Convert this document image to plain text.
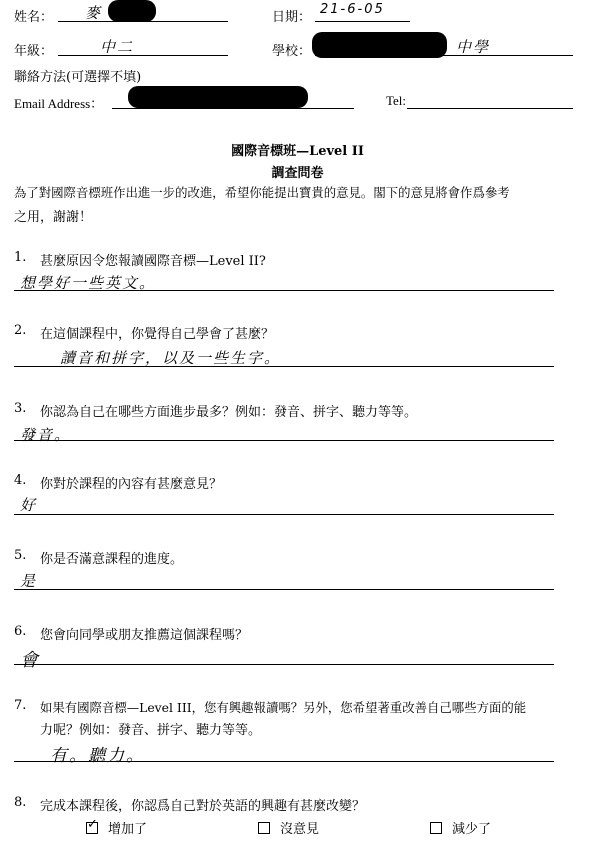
姓名： 麥	日期：
21-6-05
年級：	中二	學校：	中學
聯絡方法(可選擇不填)
Email Address：	Tel:
國際音標班—Level II
調查問卷
為了對國際音標班作出進一步的改進，希望你能提出寶貴的意見。閣下的意見將會作爲參考
之用，謝謝！
1. 甚麼原因令您報讀國際音標—Level II?
想學好一些英文。
2. 在這個課程中，你覺得自己學會了甚麼？
讀音和拼字，以及一些生字。
3. 你認為自己在哪些方面進步最多？例如：發音、拼字、聽力等等。
發音。
4. 你對於課程的內容有甚麼意見？
好
5. 你是否滿意課程的進度。
是
6. 您會向同學或朋友推薦這個課程嗎？
會
7. 如果有國際音標—Level III，您有興趣報讀嗎？另外，您希望著重改善自己哪些方面的能
力呢？例如：發音、拼字、聽力等等。
有。聽力。
8. 完成本課程後，你認爲自己對於英語的興趣有甚麼改變？
✓ 增加了	沒意見	減少了
